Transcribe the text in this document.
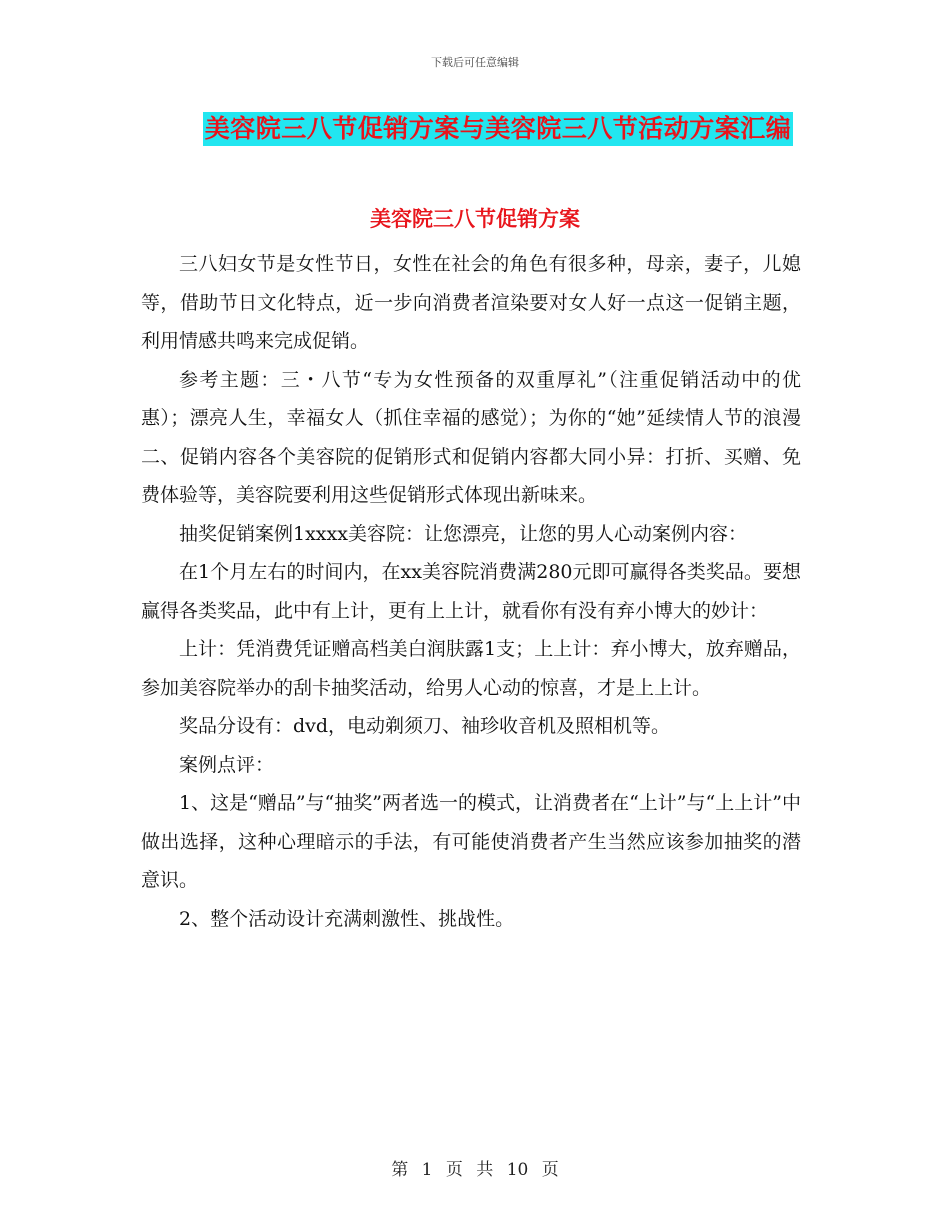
下载后可任意编辑
美容院三八节促销方案与美容院三八节活动方案汇编
美容院三八节促销方案

三八妇女节是女性节日，女性在社会的角色有很多种，母亲，妻子，儿媳等，借助节日文化特点，近一步向消费者渲染要对女人好一点这一促销主题，利用情感共鸣来完成促销。

参考主题：三・八节“专为女性预备的双重厚礼”（注重促销活动中的优惠）；漂亮人生，幸福女人（抓住幸福的感觉）；为你的“她”延续情人节的浪漫二、促销内容各个美容院的促销形式和促销内容都大同小异：打折、买赠、免费体验等，美容院要利用这些促销形式体现出新味来。

抽奖促销案例1xxxx美容院：让您漂亮，让您的男人心动案例内容：

在1个月左右的时间内，在xx美容院消费满280元即可赢得各类奖品。要想赢得各类奖品，此中有上计，更有上上计，就看你有没有弃小博大的妙计：

上计：凭消费凭证赠高档美白润肤露1支；上上计：弃小博大，放弃赠品，参加美容院举办的刮卡抽奖活动，给男人心动的惊喜，才是上上计。

奖品分设有：dvd，电动剃须刀、袖珍收音机及照相机等。

案例点评：

1、这是“赠品”与“抽奖”两者选一的模式，让消费者在“上计”与“上上计”中做出选择，这种心理暗示的手法，有可能使消费者产生当然应该参加抽奖的潜意识。

2、整个活动设计充满刺激性、挑战性。

第 1 页 共 10 页
